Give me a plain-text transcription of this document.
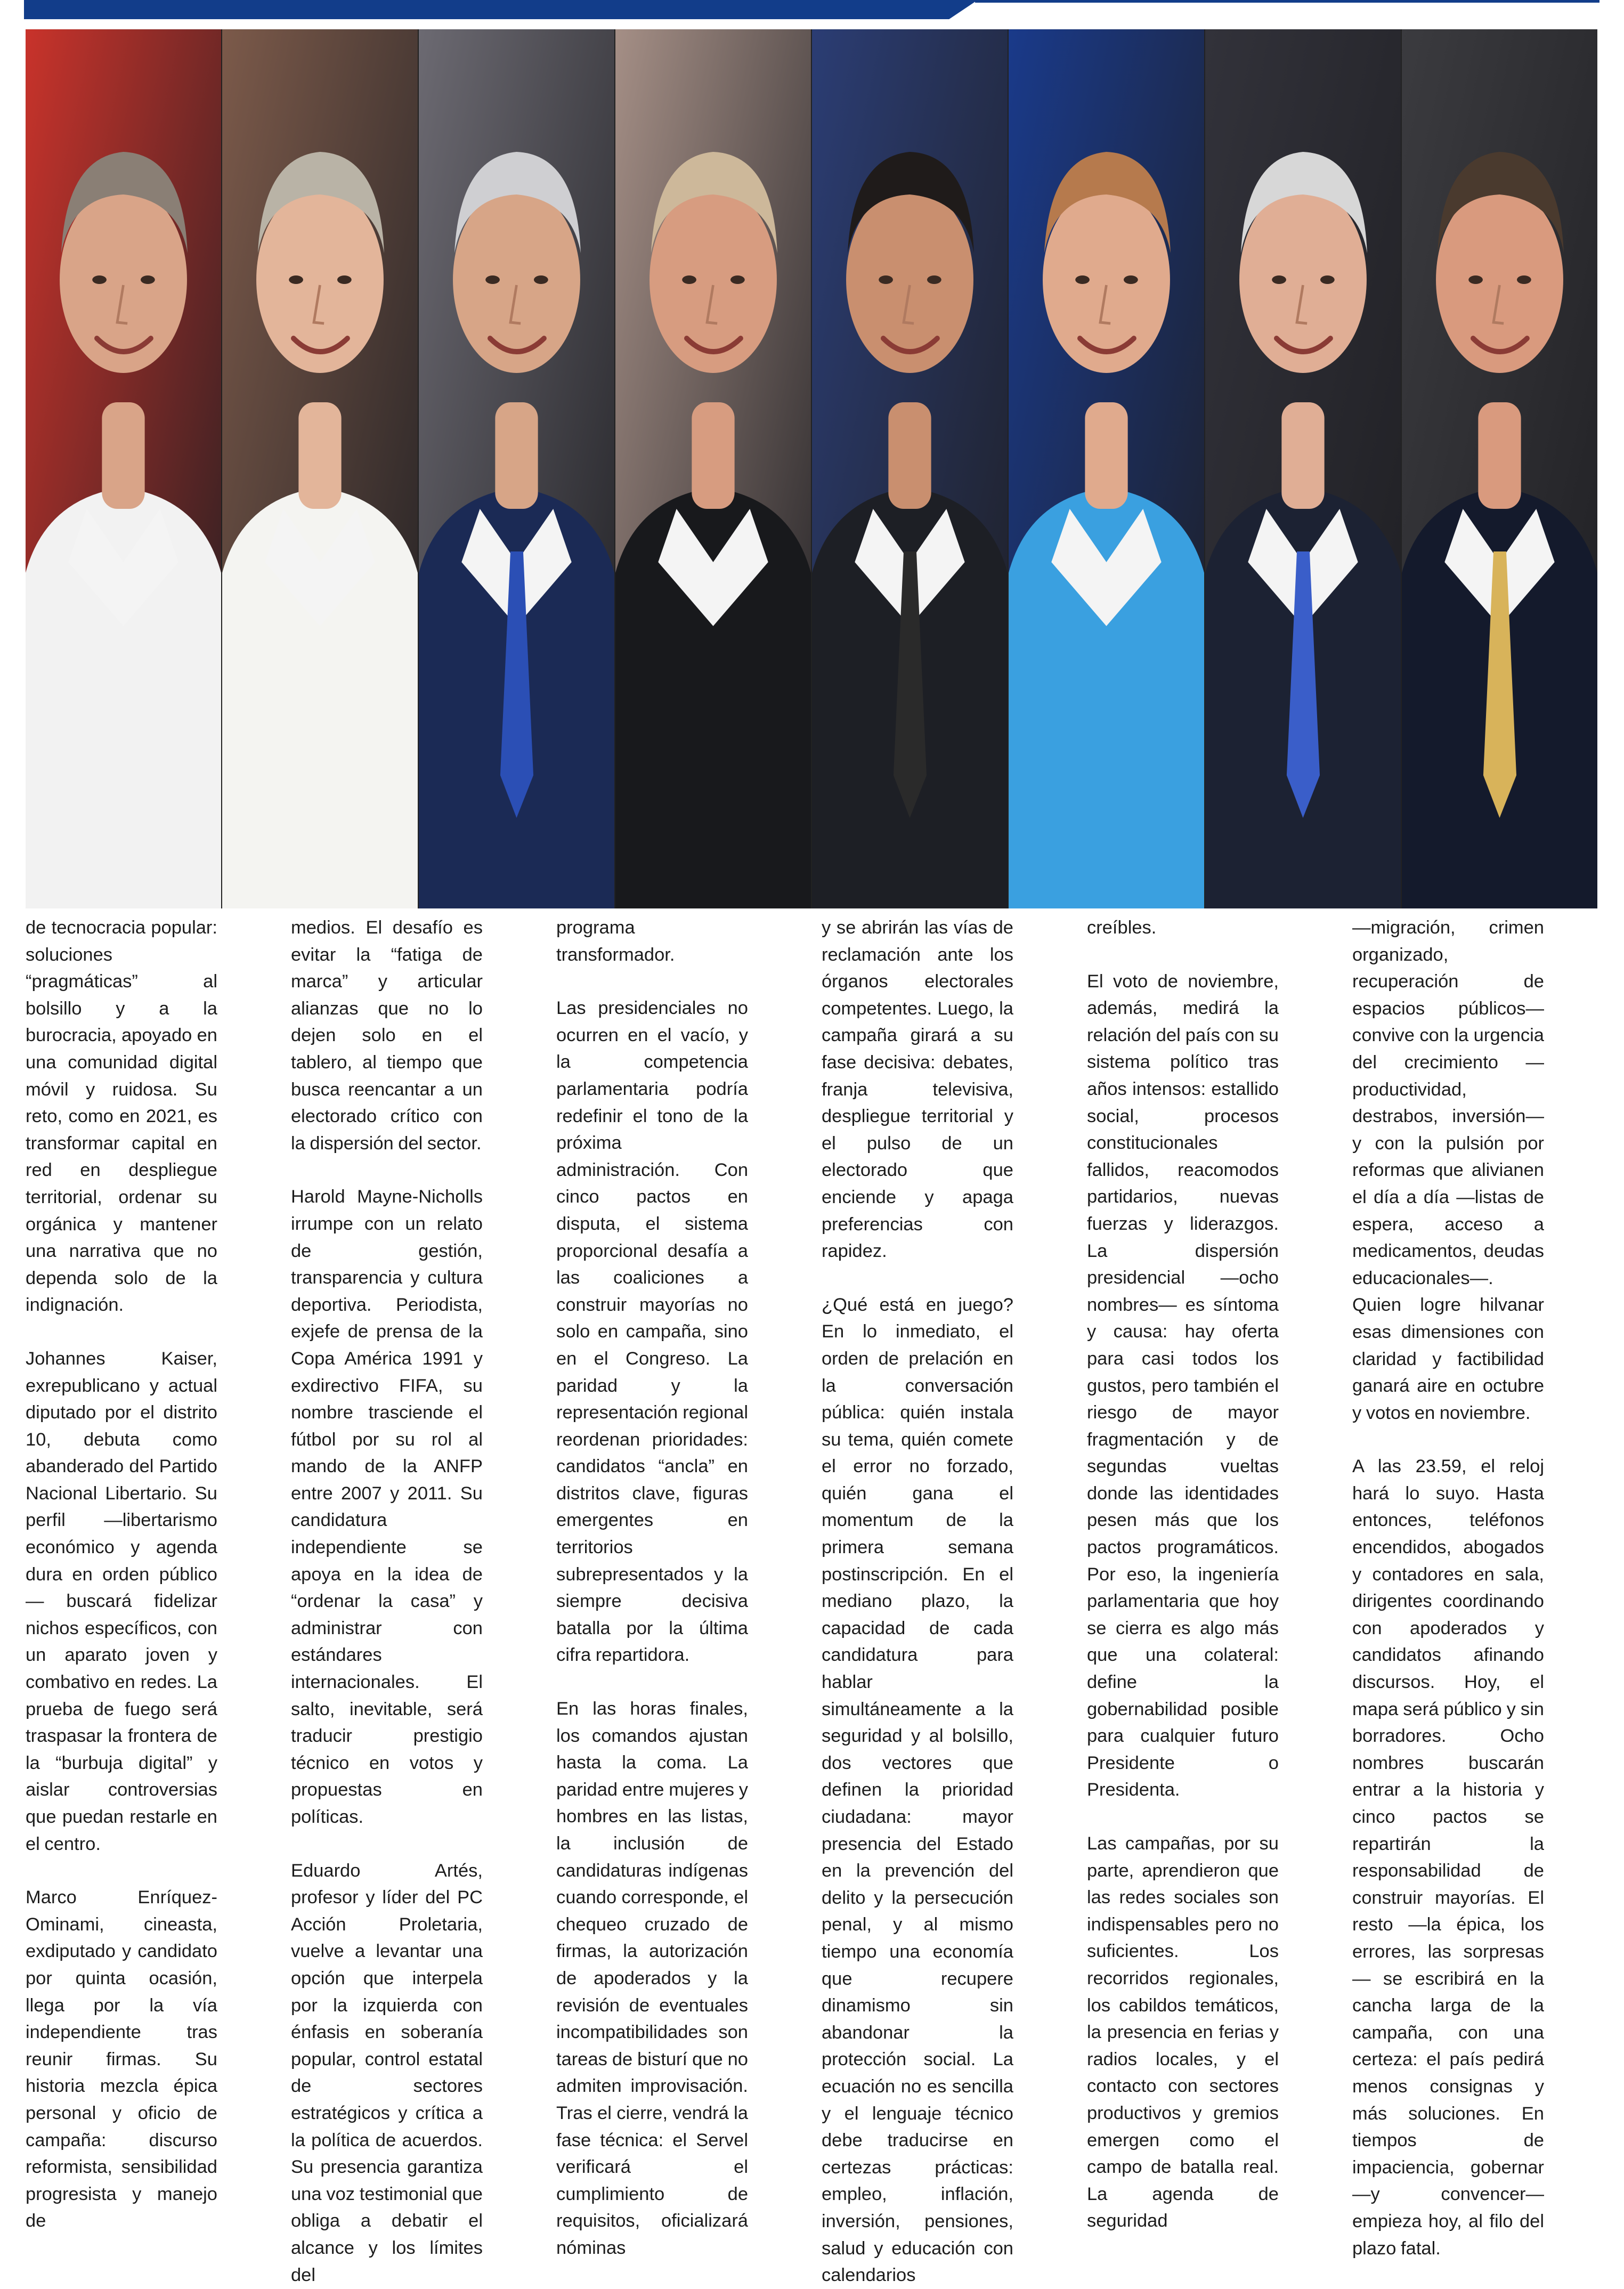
de tecnocracia popular: soluciones “pragmáticas” al bolsillo y a la burocracia, apoyado en una comunidad digital móvil y ruidosa. Su reto, como en 2021, es transformar capital en red en despliegue territorial, ordenar su orgánica y mantener una narrativa que no dependa solo de la indignación.

Johannes Kaiser, exrepublicano y actual diputado por el distrito 10, debuta como abanderado del Partido Nacional Libertario. Su perfil —libertarismo económico y agenda dura en orden público— buscará fidelizar nichos específicos, con un aparato joven y combativo en redes. La prueba de fuego será traspasar la frontera de la “burbuja digital” y aislar controversias que puedan restarle en el centro.

Marco Enríquez-Ominami, cineasta, exdiputado y candidato por quinta ocasión, llega por la vía independiente tras reunir firmas. Su historia mezcla épica personal y oficio de campaña: discurso reformista, sensibilidad progresista y manejo de

medios. El desafío es evitar la “fatiga de marca” y articular alianzas que no lo dejen solo en el tablero, al tiempo que busca reencantar a un electorado crítico con la dispersión del sector.

Harold Mayne-Nicholls irrumpe con un relato de gestión, transparencia y cultura deportiva. Periodista, exjefe de prensa de la Copa América 1991 y exdirectivo FIFA, su nombre trasciende el fútbol por su rol al mando de la ANFP entre 2007 y 2011. Su candidatura independiente se apoya en la idea de “ordenar la casa” y administrar con estándares internacionales. El salto, inevitable, será traducir prestigio técnico en votos y propuestas en políticas.

Eduardo Artés, profesor y líder del PC Acción Proletaria, vuelve a levantar una opción que interpela por la izquierda con énfasis en soberanía popular, control estatal de sectores estratégicos y crítica a la política de acuerdos. Su presencia garantiza una voz testimonial que obliga a debatir el alcance y los límites del

programa transformador.

Las presidenciales no ocurren en el vacío, y la competencia parlamentaria podría redefinir el tono de la próxima administración. Con cinco pactos en disputa, el sistema proporcional desafía a las coaliciones a construir mayorías no solo en campaña, sino en el Congreso. La paridad y la representación regional reordenan prioridades: candidatos “ancla” en distritos clave, figuras emergentes en territorios subrepresentados y la siempre decisiva batalla por la última cifra repartidora.

En las horas finales, los comandos ajustan hasta la coma. La paridad entre mujeres y hombres en las listas, la inclusión de candidaturas indígenas cuando corresponde, el chequeo cruzado de firmas, la autorización de apoderados y la revisión de eventuales incompatibilidades son tareas de bisturí que no admiten improvisación. Tras el cierre, vendrá la fase técnica: el Servel verificará el cumplimiento de requisitos, oficializará nóminas

y se abrirán las vías de reclamación ante los órganos electorales competentes. Luego, la campaña girará a su fase decisiva: debates, franja televisiva, despliegue territorial y el pulso de un electorado que enciende y apaga preferencias con rapidez.

¿Qué está en juego? En lo inmediato, el orden de prelación en la conversación pública: quién instala su tema, quién comete el error no forzado, quién gana el momentum de la primera semana postinscripción. En el mediano plazo, la capacidad de cada candidatura para hablar simultáneamente a la seguridad y al bolsillo, dos vectores que definen la prioridad ciudadana: mayor presencia del Estado en la prevención del delito y la persecución penal, y al mismo tiempo una economía que recupere dinamismo sin abandonar la protección social. La ecuación no es sencilla y el lenguaje técnico debe traducirse en certezas prácticas: empleo, inflación, inversión, pensiones, salud y educación con calendarios

creíbles.

El voto de noviembre, además, medirá la relación del país con su sistema político tras años intensos: estallido social, procesos constitucionales fallidos, reacomodos partidarios, nuevas fuerzas y liderazgos. La dispersión presidencial —ocho nombres— es síntoma y causa: hay oferta para casi todos los gustos, pero también el riesgo de mayor fragmentación y de segundas vueltas donde las identidades pesen más que los pactos programáticos. Por eso, la ingeniería parlamentaria que hoy se cierra es algo más que una colateral: define la gobernabilidad posible para cualquier futuro Presidente o Presidenta.

Las campañas, por su parte, aprendieron que las redes sociales son indispensables pero no suficientes. Los recorridos regionales, los cabildos temáticos, la presencia en ferias y radios locales, y el contacto con sectores productivos y gremios emergen como el campo de batalla real. La agenda de seguridad

—migración, crimen organizado, recuperación de espacios públicos— convive con la urgencia del crecimiento —productividad, destrabos, inversión— y con la pulsión por reformas que alivianen el día a día —listas de espera, acceso a medicamentos, deudas educacionales—. Quien logre hilvanar esas dimensiones con claridad y factibilidad ganará aire en octubre y votos en noviembre.

A las 23.59, el reloj hará lo suyo. Hasta entonces, teléfonos encendidos, abogados y contadores en sala, dirigentes coordinando con apoderados y candidatos afinando discursos. Hoy, el mapa será público y sin borradores. Ocho nombres buscarán entrar a la historia y cinco pactos se repartirán la responsabilidad de construir mayorías. El resto —la épica, los errores, las sorpresas— se escribirá en la cancha larga de la campaña, con una certeza: el país pedirá menos consignas y más soluciones. En tiempos de impaciencia, gobernar —y convencer— empieza hoy, al filo del plazo fatal.
